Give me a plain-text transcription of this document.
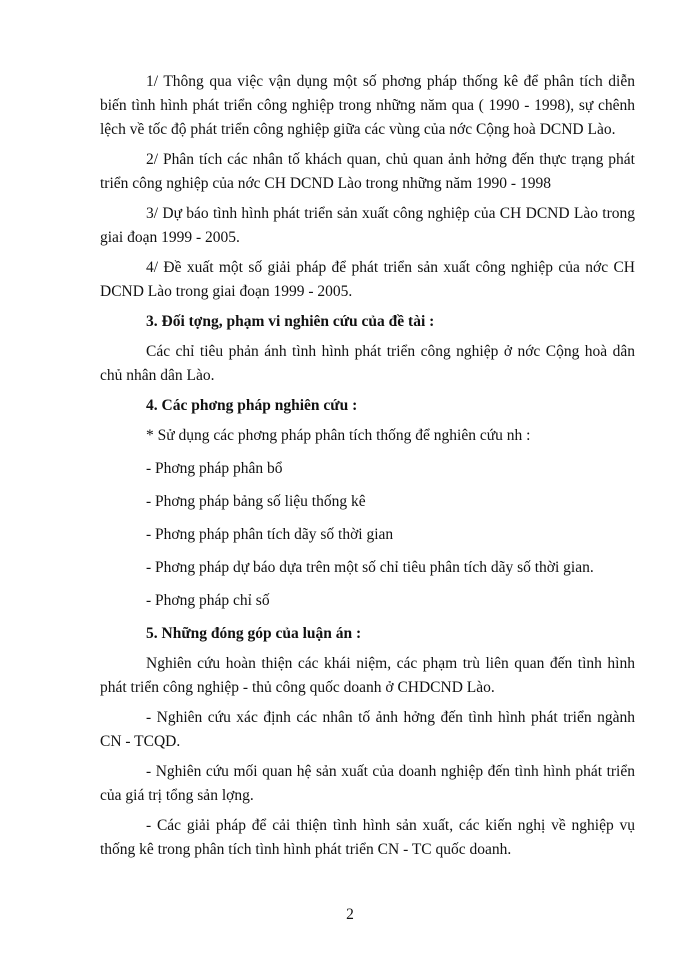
1/ Thông qua việc vận dụng một số phơng pháp thống kê để phân tích diễn biến tình hình phát triển công nghiệp trong những năm qua ( 1990 - 1998), sự chênh lệch về tốc độ phát triển công nghiệp giữa các vùng của nớc Cộng hoà DCND Lào.

2/ Phân tích các nhân tố khách quan, chủ quan ảnh hởng đến thực trạng phát triển công nghiệp của nớc CH DCND Lào trong những năm 1990 - 1998

3/ Dự báo tình hình phát triển sản xuất công nghiệp của CH DCND Lào trong giai đoạn 1999 - 2005.

4/ Đề xuất một số giải pháp để phát triển sản xuất công nghiệp của nớc CH DCND Lào trong giai đoạn 1999 - 2005.

3. Đối tợng, phạm vi nghiên cứu của đề tài :

Các chỉ tiêu phản ánh tình hình phát triển công nghiệp ở nớc Cộng hoà dân chủ nhân dân Lào.

4. Các phơng pháp nghiên cứu :

* Sử dụng các phơng pháp phân tích thống để nghiên cứu nh :

- Phơng pháp phân bổ

- Phơng pháp bảng số liệu thống kê

- Phơng pháp phân tích dãy số thời gian

- Phơng pháp dự báo dựa trên một số chỉ tiêu phân tích dãy số thời gian.

- Phơng pháp chỉ số

5. Những đóng góp của luận án :

Nghiên cứu hoàn thiện các khái niệm, các phạm trù liên quan đến tình hình phát triển công nghiệp - thủ công quốc doanh ở CHDCND Lào.

- Nghiên cứu xác định các nhân tố ảnh hởng đến tình hình phát triển ngành CN - TCQD.

- Nghiên cứu mối quan hệ sản xuất của doanh nghiệp đến tình hình phát triển của giá trị tổng sản lợng.

- Các giải pháp để cải thiện tình hình sản xuất, các kiến nghị về nghiệp vụ thống kê trong phân tích tình hình phát triển CN - TC quốc doanh.

2
